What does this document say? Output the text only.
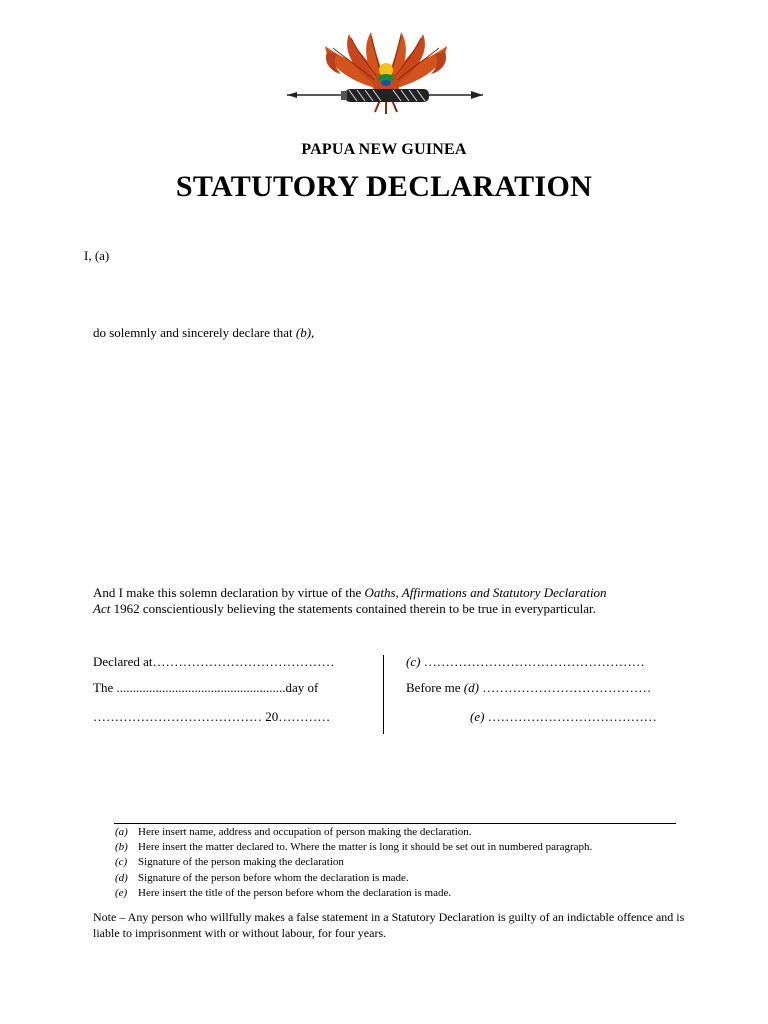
PAPUA NEW GUINEA
STATUTORY DECLARATION
I, (a)
do solemnly and sincerely declare that (b),
And I make this solemn declaration by virtue of the Oaths, Affirmations and Statutory Declaration
Act 1962 conscientiously believing the statements contained therein to be true in everyparticular.
Declared at……………………………………
The ....................................................day of
………………………………… 20…………
(c) ……………………………………………
Before me (d) …………………………………
(e) …………………………………
(a) Here insert name, address and occupation of person making the declaration.
(b) Here insert the matter declared to. Where the matter is long it should be set out in numbered paragraph.
(c) Signature of the person making the declaration
(d) Signature of the person before whom the declaration is made.
(e) Here insert the title of the person before whom the declaration is made.
Note – Any person who willfully makes a false statement in a Statutory Declaration is guilty of an indictable offence and is liable to imprisonment with or without labour, for four years.
